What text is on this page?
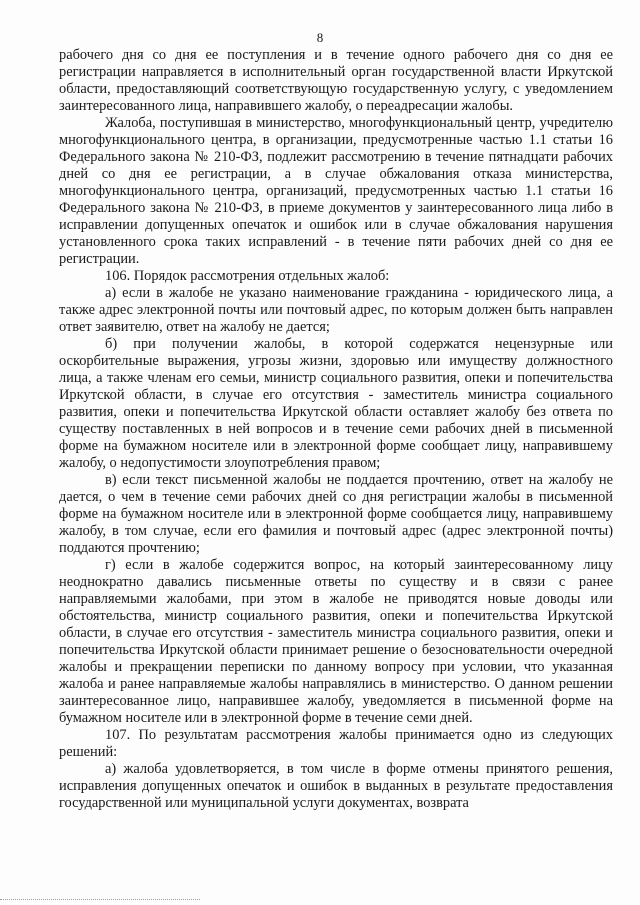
8

рабочего дня со дня ее поступления и в течение одного рабочего дня со дня ее регистрации направляется в исполнительный орган государственной власти Иркутской области, предоставляющий соответствующую государственную услугу, с уведомлением заинтересованного лица, направившего жалобу, о переадресации жалобы.

Жалоба, поступившая в министерство, многофункциональный центр, учредителю многофункционального центра, в организации, предусмотренные частью 1.1 статьи 16 Федерального закона № 210-ФЗ, подлежит рассмотрению в течение пятнадцати рабочих дней со дня ее регистрации, а в случае обжалования отказа министерства, многофункционального центра, организаций, предусмотренных частью 1.1 статьи 16 Федерального закона № 210-ФЗ, в приеме документов у заинтересованного лица либо в исправлении допущенных опечаток и ошибок или в случае обжалования нарушения установленного срока таких исправлений - в течение пяти рабочих дней со дня ее регистрации.

106. Порядок рассмотрения отдельных жалоб:

а) если в жалобе не указано наименование гражданина - юридического лица, а также адрес электронной почты или почтовый адрес, по которым должен быть направлен ответ заявителю, ответ на жалобу не дается;

б) при получении жалобы, в которой содержатся нецензурные или оскорбительные выражения, угрозы жизни, здоровью или имуществу должностного лица, а также членам его семьи, министр социального развития, опеки и попечительства Иркутской области, в случае его отсутствия - заместитель министра социального развития, опеки и попечительства Иркутской области оставляет жалобу без ответа по существу поставленных в ней вопросов и в течение семи рабочих дней в письменной форме на бумажном носителе или в электронной форме сообщает лицу, направившему жалобу, о недопустимости злоупотребления правом;

в) если текст письменной жалобы не поддается прочтению, ответ на жалобу не дается, о чем в течение семи рабочих дней со дня регистрации жалобы в письменной форме на бумажном носителе или в электронной форме сообщается лицу, направившему жалобу, в том случае, если его фамилия и почтовый адрес (адрес электронной почты) поддаются прочтению;

г) если в жалобе содержится вопрос, на который заинтересованному лицу неоднократно давались письменные ответы по существу и в связи с ранее направляемыми жалобами, при этом в жалобе не приводятся новые доводы или обстоятельства, министр социального развития, опеки и попечительства Иркутской области, в случае его отсутствия - заместитель министра социального развития, опеки и попечительства Иркутской области принимает решение о безосновательности очередной жалобы и прекращении переписки по данному вопросу при условии, что указанная жалоба и ранее направляемые жалобы направлялись в министерство. О данном решении заинтересованное лицо, направившее жалобу, уведомляется в письменной форме на бумажном носителе или в электронной форме в течение семи дней.

107. По результатам рассмотрения жалобы принимается одно из следующих решений:

а) жалоба удовлетворяется, в том числе в форме отмены принятого решения, исправления допущенных опечаток и ошибок в выданных в результате предоставления государственной или муниципальной услуги документах, возврата
